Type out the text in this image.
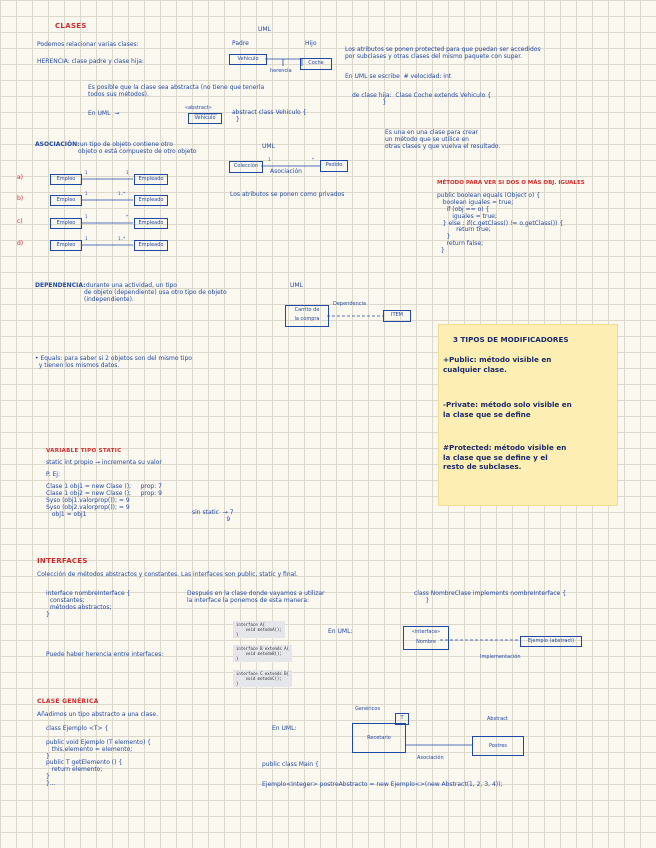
CLASES
Podemos relacionar varias clases:
HERENCIA: clase padre y clase hija:
Es posible que la clase sea abstracta (no tiene que tenerla
todos sus métodos).
En UML  →
«abstract»
Vehículo
abstract class Vehiculo {
}
UML
Padre	Hijo
Vehículo
Coche
herencia
Los atributos se ponen protected para que puedan ser accedidos
por subclases y otras clases del mismo paquete con super.
En UML se escribe  # velocidad: int
de clase hija:  Clase Coche extends Vehiculo {
}
ASOCIACIÓN: un tipo de objeto contiene otro
objeto o está compuesto de otro objeto
a)
b)
c)
d)
Empleo	Empleado
1	1
Empleo	Empleado
1	1..*
Empleo	Empleado
1	*
Empleo	Empleado
1	1..*
UML
Colección	Pedido
1	*
Asociación
Los atributos se ponen como privados
Es una en una clase para crear
un método que se utilice en
otras clases y que vuelva el resultado.
MÉTODO PARA VER SI DOS O MÁS OBJ. IGUALES
public boolean equals (Object o) {
boolean iguales = true;
if (obj == o) {
iguales = true;
} else : if(c.getClass() != o.getClass()) {
return true;
}
return false;
}
DEPENDENCIA: durante una actividad, un tipo
de objeto (dependiente) usa otro tipo de objeto
(independiente).
UML
Carrito de
la compra
Dependencia
ITEM
• Equals: para saber si 2 objetos son del mismo tipo
y tienen los mismos datos.
3 TIPOS DE MODIFICADORES
+Public: método visible en
cualquier clase.
-Private: método solo visible en
la clase que se define
#Protected: método visible en
la clase que se define y el
resto de subclases.
VARIABLE TIPO STATIC
static int propio → incrementa su valor
P. Ej:
Clase 1 obj1 = new Clase ();     prop: 7
Clase 1 obj2 = new Clase ();     prop: 9
Syso (obj1.valorprop()); = 9
Syso (obj2.valorprop()); = 9
obj1 = obj1	sin static  → 7
9
INTERFACES
Colección de métodos abstractos y constantes. Las interfaces son public, static y final.
interface nombreInterface {
constantes;
métodos abstractos;
}
Después en la clase donde vayamos a utilizar
la interface la ponemos de esta manera:
class NombreClase implements nombreInterface {
}
Puede haber herencia entre interfaces:
interface A{
void metodoA();
}
interface B extends A{
void metodoB();
}
interface C extends B{
void metodoC();
}
En UML:	«interface»
Nombre	Ejemplo (abstract)
Implementación
CLASE GENÉRICA
Añadimos un tipo abstracto a una clase.
class Ejemplo <T> {

public void Ejemplo (T elemento) {
this.elemento = elemento;
}
public T getElemento () {
return elemento;
}
}...
En UML:
Genéricos
T
Recetario
Abstract
Postres
Asociación
public class Main {
Ejemplo<Integer> postreAbstracto = new Ejemplo<>(new Abstract(1, 2, 3, 4));
